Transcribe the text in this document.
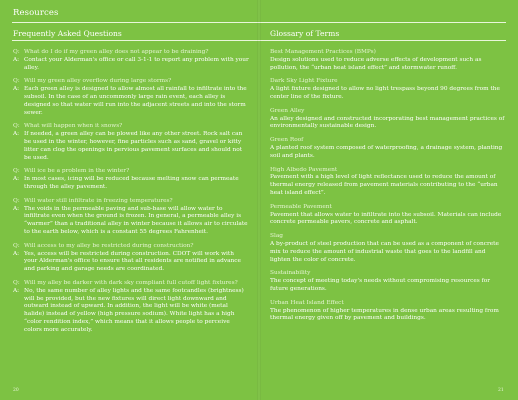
Resources
Frequently Asked Questions	Glossary of Terms
Q: What do I do if my green alley does not appear to be draining?
A: Contact your Alderman's office or call 3-1-1 to report any problem with your alley.
Q: Will my green alley overflow during large storms?
A: Each green alley is designed to allow almost all rainfall to infiltrate into the subsoil. In the case of an uncommonly large rain event, each alley is designed so that water will run into the adjacent streets and into the storm sewer.
Q: What will happen when it snows?
A: If needed, a green alley can be plowed like any other street. Rock salt can be used in the winter, however, fine particles such as sand, gravel or kitty litter can clog the openings in pervious pavement surfaces and should not be used.
Q: Will ice be a problem in the winter?
A: In most cases, icing will be reduced because melting snow can permeate through the alley pavement.
Q: Will water still infiltrate in freezing temperatures?
A: The voids in the permeable paving and sub-base will allow water to infiltrate even when the ground is frozen. In general, a permeable alley is “warmer” than a traditional alley in winter because it allows air to circulate to the earth below, which is a constant 55 degrees Fahrenheit.
Q: Will access to my alley be restricted during construction?
A: Yes, access will be restricted during construction. CDOT will work with your Alderman's office to ensure that all residents are notified in advance and parking and garage needs are coordinated.
Q: Will my alley be darker with dark sky compliant full cutoff light fixtures?
A: No, the same number of alley lights and the same footcandles (brightness) will be provided, but the new fixtures will direct light downward and outward instead of upward. In addition, the light will be white (metal halide) instead of yellow (high pressure sodium). White light has a high “color rendition index,” which means that it allows people to perceive colors more accurately.
Best Management Practices (BMPs)
Design solutions used to reduce adverse effects of development such as pollution, the “urban heat island effect” and stormwater runoff.
Dark Sky Light Fixture
A light fixture designed to allow no light trespass beyond 90 degrees from the center line of the fixture.
Green Alley
An alley designed and constructed incorporating best management practices of environmentally sustainable design.
Green Roof
A planted roof system composed of waterproofing, a drainage system, planting soil and plants.
High Albedo Pavement
Pavement with a high level of light reflectance used to reduce the amount of thermal energy released from pavement materials contributing to the “urban heat island effect”.
Permeable Pavement
Pavement that allows water to infiltrate into the subsoil. Materials can include concrete permeable pavers, concrete and asphalt.
Slag
A by-product of steel production that can be used as a component of concrete mix to reduce the amount of industrial waste that goes to the landfill and lighten the color of concrete.
Sustainability
The concept of meeting today's needs without compromising resources for future generations.
Urban Heat Island Effect
The phenomenon of higher temperatures in dense urban areas resulting from thermal energy given off by pavement and buildings.
20	21
